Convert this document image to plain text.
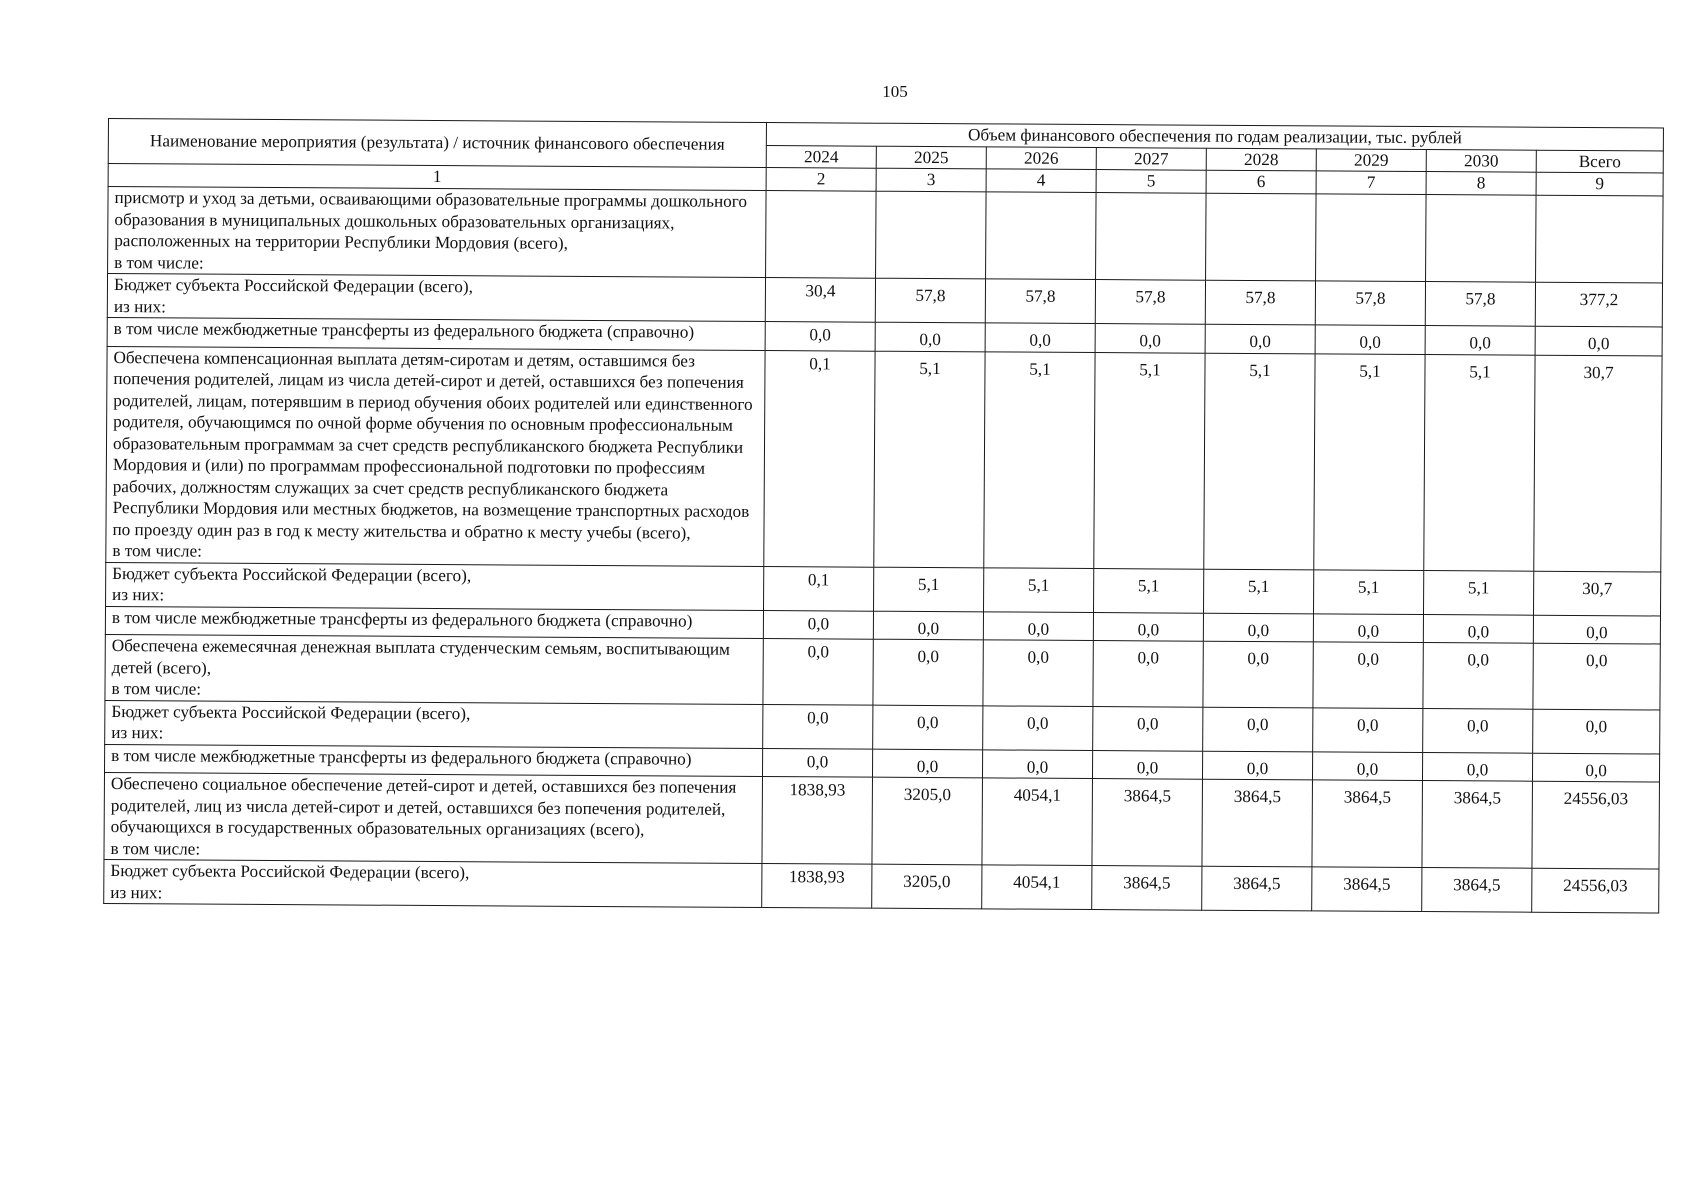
105
Наименование мероприятия (результата) / источник финансового обеспечения	Объем финансового обеспечения по годам реализации, тыс. рублей							
	2024	2025	2026	2027	2028	2029	2030	Всего
1	2	3	4	5	6	7	8	9
присмотр и уход за детьми, осваивающими образовательные программы дошкольного образования в муниципальных дошкольных образовательных организациях, расположенных на территории Республики Мордовия (всего),
в том числе:								
Бюджет субъекта Российской Федерации (всего),
из них:	30,4	57,8	57,8	57,8	57,8	57,8	57,8	377,2
в том числе межбюджетные трансферты из федерального бюджета (справочно)	0,0	0,0	0,0	0,0	0,0	0,0	0,0	0,0
Обеспечена компенсационная выплата детям-сиротам и детям, оставшимся без попечения родителей, лицам из числа детей-сирот и детей, оставшихся без попечения родителей, лицам, потерявшим в период обучения обоих родителей или единственного родителя, обучающимся по очной форме обучения по основным профессиональным образовательным программам за счет средств республиканского бюджета Республики Мордовия и (или) по программам профессиональной подготовки по профессиям рабочих, должностям служащих за счет средств республиканского бюджета Республики Мордовия или местных бюджетов, на возмещение транспортных расходов по проезду один раз в год к месту жительства и обратно к месту учебы (всего),
в том числе:	0,1	5,1	5,1	5,1	5,1	5,1	5,1	30,7
Бюджет субъекта Российской Федерации (всего),
из них:	0,1	5,1	5,1	5,1	5,1	5,1	5,1	30,7
в том числе межбюджетные трансферты из федерального бюджета (справочно)	0,0	0,0	0,0	0,0	0,0	0,0	0,0	0,0
Обеспечена ежемесячная денежная выплата студенческим семьям, воспитывающим детей (всего),
в том числе:	0,0	0,0	0,0	0,0	0,0	0,0	0,0	0,0
Бюджет субъекта Российской Федерации (всего),
из них:	0,0	0,0	0,0	0,0	0,0	0,0	0,0	0,0
в том числе межбюджетные трансферты из федерального бюджета (справочно)	0,0	0,0	0,0	0,0	0,0	0,0	0,0	0,0
Обеспечено социальное обеспечение детей-сирот и детей, оставшихся без попечения родителей, лиц из числа детей-сирот и детей, оставшихся без попечения родителей, обучающихся в государственных образовательных организациях (всего),
в том числе:	1838,93	3205,0	4054,1	3864,5	3864,5	3864,5	3864,5	24556,03
Бюджет субъекта Российской Федерации (всего),
из них:	1838,93	3205,0	4054,1	3864,5	3864,5	3864,5	3864,5	24556,03
